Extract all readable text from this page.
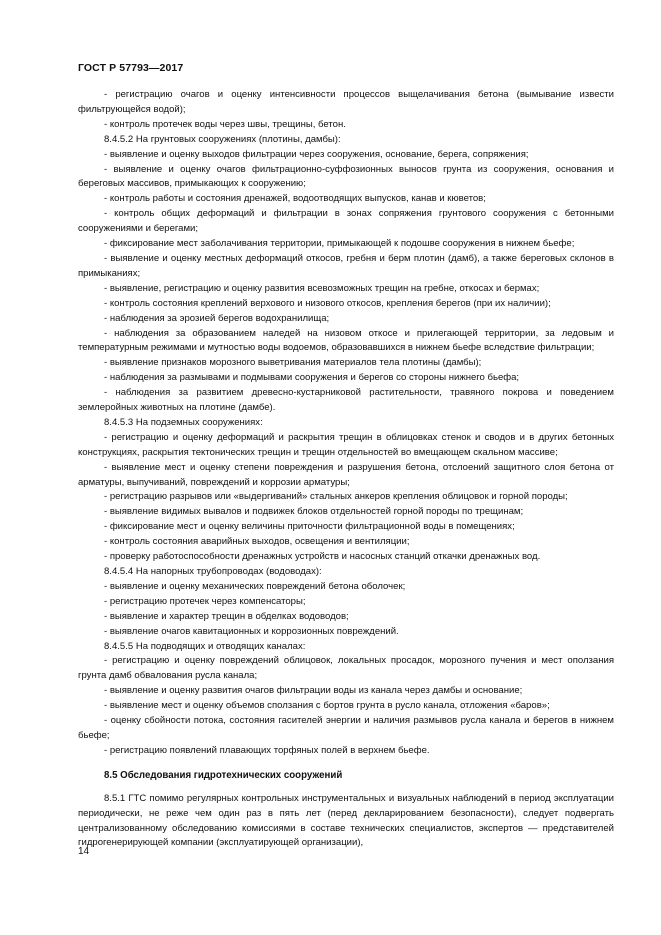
ГОСТ Р 57793—2017

- регистрацию очагов и оценку интенсивности процессов выщелачивания бетона (вымывание извести фильтрующейся водой);

- контроль протечек воды через швы, трещины, бетон.

8.4.5.2 На грунтовых сооружениях (плотины, дамбы):

- выявление и оценку выходов фильтрации через сооружения, основание, берега, сопряжения;

- выявление и оценку очагов фильтрационно-суффозионных выносов грунта из сооружения, основания и береговых массивов, примыкающих к сооружению;

- контроль работы и состояния дренажей, водоотводящих выпусков, канав и кюветов;

- контроль общих деформаций и фильтрации в зонах сопряжения грунтового сооружения с бетонными сооружениями и берегами;

- фиксирование мест заболачивания территории, примыкающей к подошве сооружения в нижнем бьефе;

- выявление и оценку местных деформаций откосов, гребня и берм плотин (дамб), а также береговых склонов в примыканиях;

- выявление, регистрацию и оценку развития всевозможных трещин на гребне, откосах и бермах;

- контроль состояния креплений верхового и низового откосов, крепления берегов (при их наличии);

- наблюдения за эрозией берегов водохранилища;

- наблюдения за образованием наледей на низовом откосе и прилегающей территории, за ледовым и температурным режимами и мутностью воды водоемов, образовавшихся в нижнем бьефе вследствие фильтрации;

- выявление признаков морозного выветривания материалов тела плотины (дамбы);

- наблюдения за размывами и подмывами сооружения и берегов со стороны нижнего бьефа;

- наблюдения за развитием древесно-кустарниковой растительности, травяного покрова и поведением землеройных животных на плотине (дамбе).

8.4.5.3 На подземных сооружениях:

- регистрацию и оценку деформаций и раскрытия трещин в облицовках стенок и сводов и в других бетонных конструкциях, раскрытия тектонических трещин и трещин отдельностей во вмещающем скальном массиве;

- выявление мест и оценку степени повреждения и разрушения бетона, отслоений защитного слоя бетона от арматуры, выпучиваний, повреждений и коррозии арматуры;

- регистрацию разрывов или «выдергиваний» стальных анкеров крепления облицовок и горной породы;

- выявление видимых вывалов и подвижек блоков отдельностей горной породы по трещинам;

- фиксирование мест и оценку величины приточности фильтрационной воды в помещениях;

- контроль состояния аварийных выходов, освещения и вентиляции;

- проверку работоспособности дренажных устройств и насосных станций откачки дренажных вод.

8.4.5.4 На напорных трубопроводах (водоводах):

- выявление и оценку механических повреждений бетона оболочек;

- регистрацию протечек через компенсаторы;

- выявление и характер трещин в обделках водоводов;

- выявление очагов кавитационных и коррозионных повреждений.

8.4.5.5 На подводящих и отводящих каналах:

- регистрацию и оценку повреждений облицовок, локальных просадок, морозного пучения и мест оползания грунта дамб обвалования русла канала;

- выявление и оценку развития очагов фильтрации воды из канала через дамбы и основание;

- выявление мест и оценку объемов сползания с бортов грунта в русло канала, отложения «баров»;

- оценку сбойности потока, состояния гасителей энергии и наличия размывов русла канала и берегов в нижнем бьефе;

- регистрацию появлений плавающих торфяных полей в верхнем бьефе.

8.5 Обследования гидротехнических сооружений

8.5.1 ГТС помимо регулярных контрольных инструментальных и визуальных наблюдений в период эксплуатации периодически, не реже чем один раз в пять лет (перед декларированием безопасности), следует подвергать централизованному обследованию комиссиями в составе технических специалистов, экспертов — представителей гидрогенерирующей компании (эксплуатирующей организации),

14
